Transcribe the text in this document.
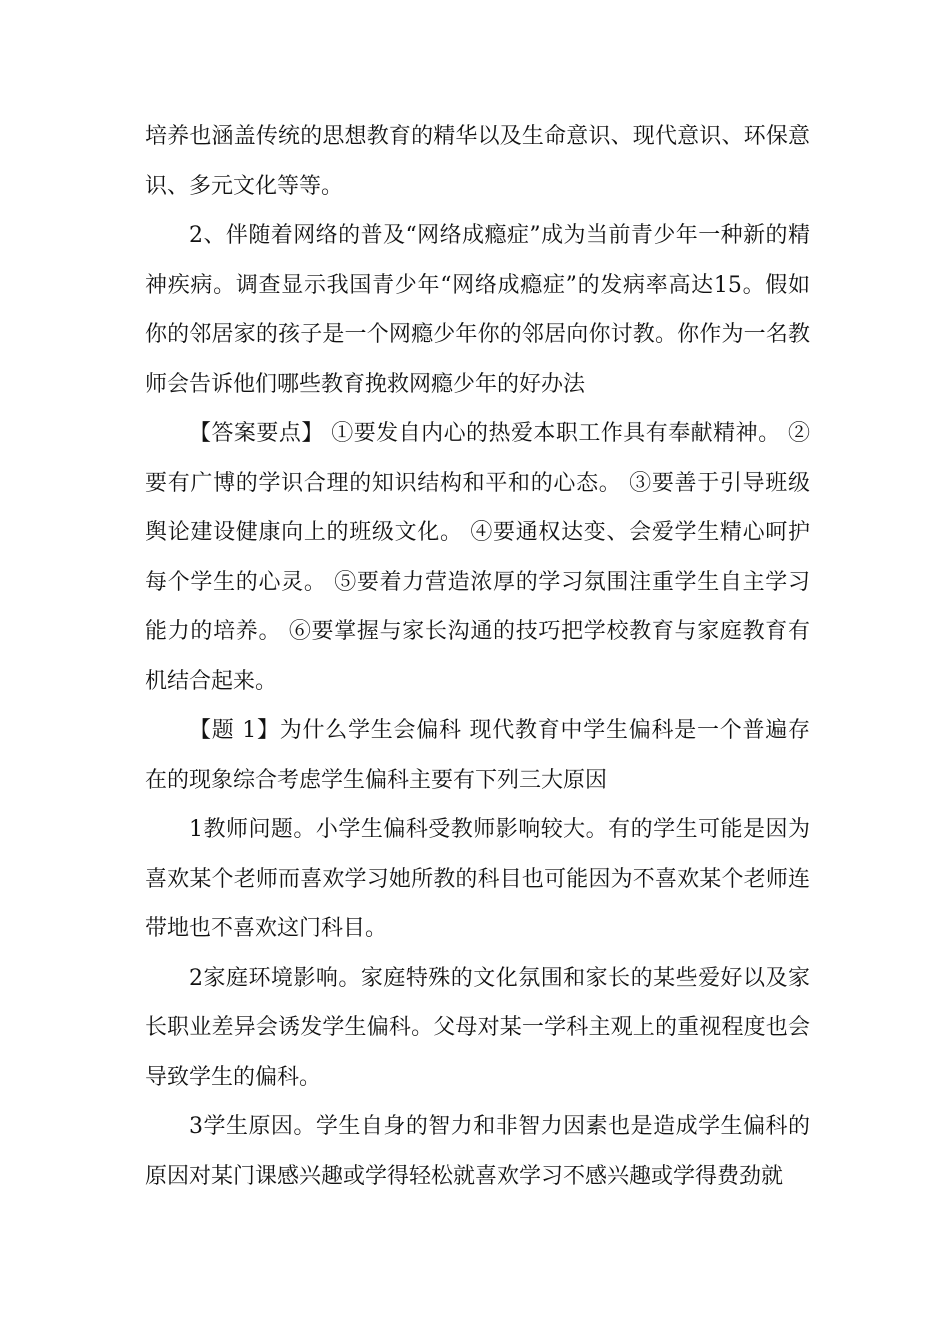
培养也涵盖传统的思想教育的精华以及生命意识、现代意识、环保意识、多元文化等等。

2、伴随着网络的普及“网络成瘾症”成为当前青少年一种新的精神疾病。调查显示我国青少年“网络成瘾症”的发病率高达15。假如你的邻居家的孩子是一个网瘾少年你的邻居向你讨教。你作为一名教师会告诉他们哪些教育挽救网瘾少年的好办法

【答案要点】 ①要发自内心的热爱本职工作具有奉献精神。 ②要有广博的学识合理的知识结构和平和的心态。 ③要善于引导班级舆论建设健康向上的班级文化。 ④要通权达变、会爱学生精心呵护每个学生的心灵。 ⑤要着力营造浓厚的学习氛围注重学生自主学习能力的培养。 ⑥要掌握与家长沟通的技巧把学校教育与家庭教育有机结合起来。

【题 1】为什么学生会偏科 现代教育中学生偏科是一个普遍存在的现象综合考虑学生偏科主要有下列三大原因

1教师问题。小学生偏科受教师影响较大。有的学生可能是因为喜欢某个老师而喜欢学习她所教的科目也可能因为不喜欢某个老师连带地也不喜欢这门科目。

2家庭环境影响。家庭特殊的文化氛围和家长的某些爱好以及家长职业差异会诱发学生偏科。父母对某一学科主观上的重视程度也会导致学生的偏科。

3学生原因。学生自身的智力和非智力因素也是造成学生偏科的原因对某门课感兴趣或学得轻松就喜欢学习不感兴趣或学得费劲就
